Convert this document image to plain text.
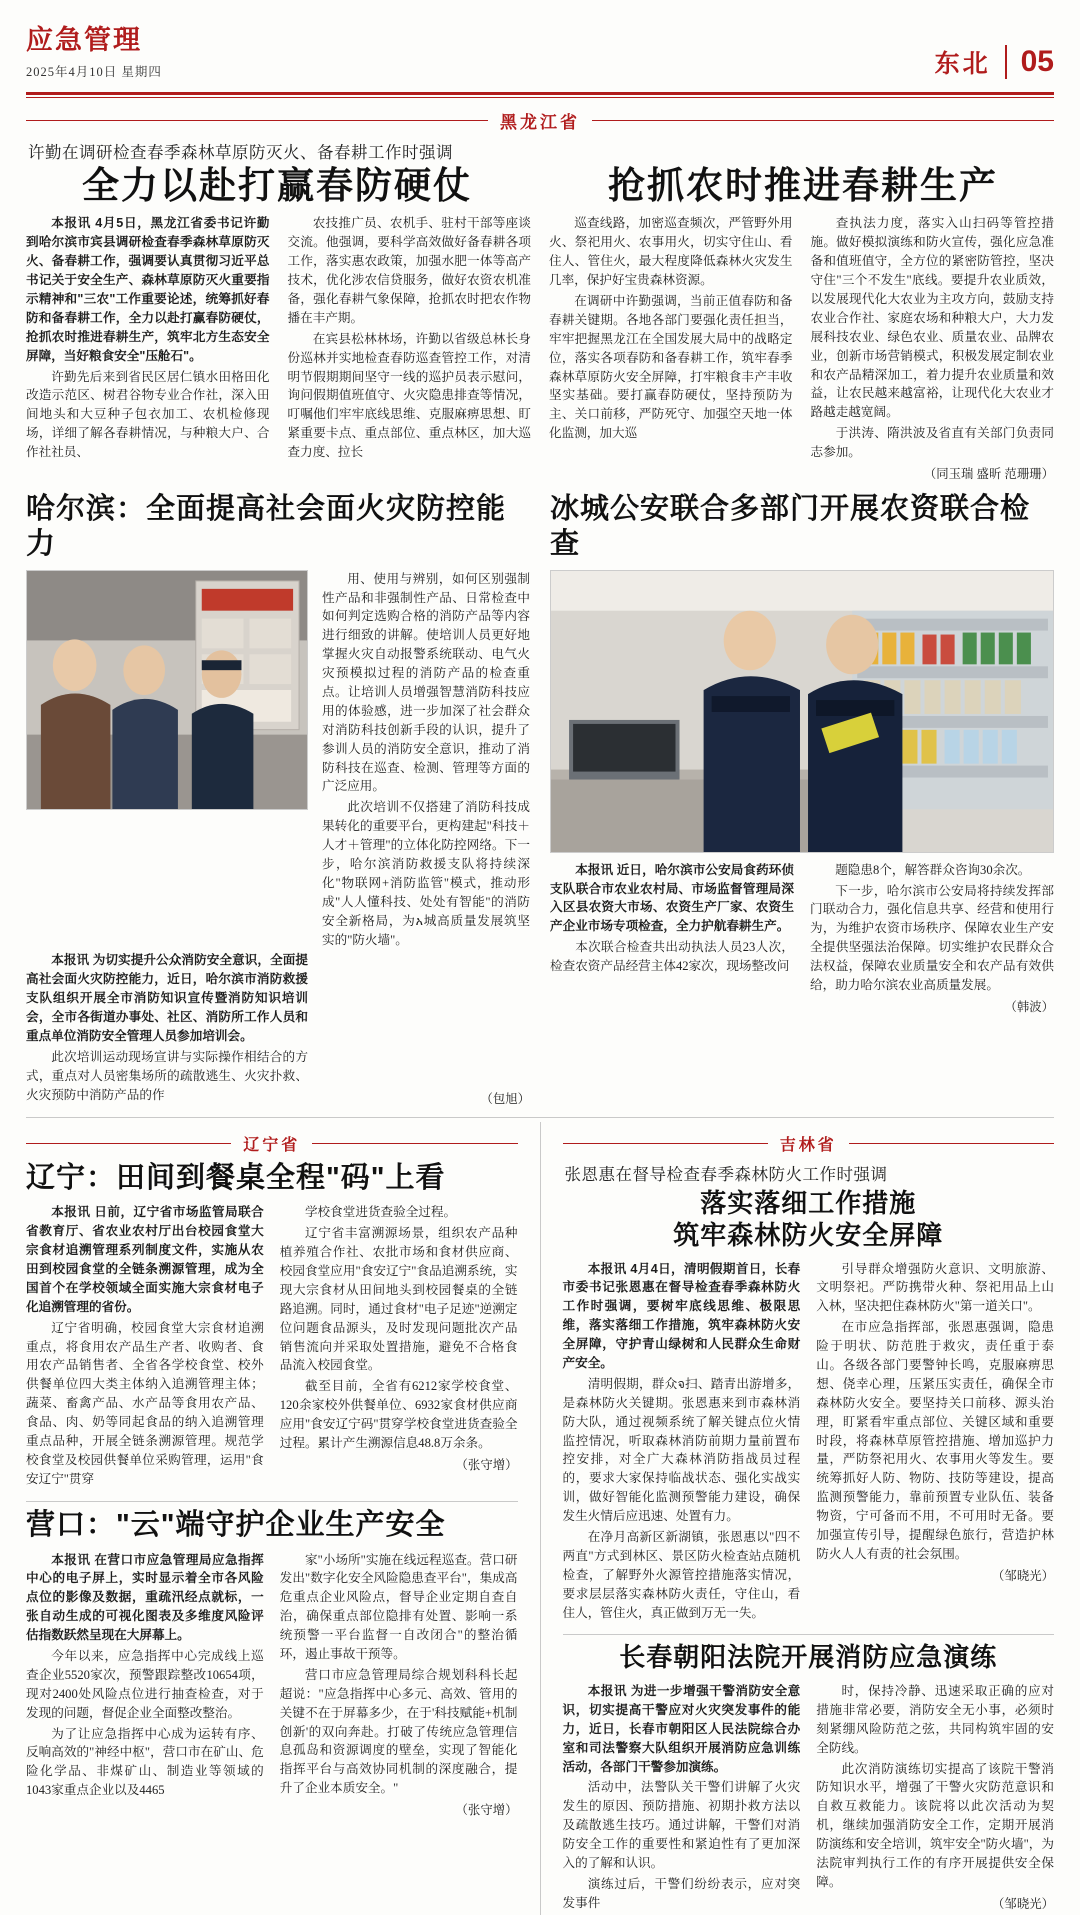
应急管理
2025年4月10日 星期四	东北 05
黑龙江省
许勤在调研检查春季森林草原防灭火、备春耕工作时强调
全力以赴打赢春防硬仗	抢抓农时推进春耕生产

本报讯 4月5日，黑龙江省委书记许勤到哈尔滨市宾县调研检查春季森林草原防灭火、备春耕工作，强调要认真贯彻习近平总书记关于安全生产、森林草原防灭火重要指示精神和"三农"工作重要论述，统筹抓好春防和备春耕工作，全力以赴打赢春防硬仗，抢抓农时推进春耕生产，筑牢北方生态安全屏障，当好粮食安全"压舱石"。

许勤先后来到省民区居仁镇水田格田化改造示范区、树君谷物专业合作社，深入田间地头和大豆种子包衣加工、农机检修现场，详细了解各春耕情况，与种粮大户、合作社社员、

农技推广员、农机手、驻村干部等座谈交流。他强调，要科学高效做好备春耕各项工作，落实惠农政策，加强水肥一体等高产技术，优化涉农信贷服务，做好农资农机准备，强化春耕气象保障，抢抓农时把农作物播在丰产期。

在宾县松林林场，许勤以省级总林长身份巡林并实地检查春防巡查管控工作，对清明节假期期间坚守一线的巡护员表示慰问，询问假期值班值守、火灾隐患排查等情况，叮嘱他们牢牢底线思维、克服麻痹思想、盯紧重要卡点、重点部位、重点林区，加大巡查力度、拉长

巡查线路，加密巡查频次，严管野外用火、祭祀用火、农事用火，切实守住山、看住人、管住火，最大程度降低森林火灾发生几率，保护好宝贵森林资源。

在调研中许勤强调，当前正值春防和备春耕关键期。各地各部门要强化责任担当，牢牢把握黑龙江在全国发展大局中的战略定位，落实各项春防和备春耕工作，筑牢春季森林草原防火安全屏障，打牢粮食丰产丰收坚实基础。要打赢春防硬仗，坚持预防为主、关口前移，严防死守、加强空天地一体化监测，加大巡

查执法力度，落实入山扫码等管控措施。做好模拟演练和防火宣传，强化应急准备和值班值守，全方位的紧密防管控，坚决守住"三个不发生"底线。要提升农业质效，以发展现代化大农业为主攻方向，鼓励支持农业合作社、家庭农场和种粮大户，大力发展科技农业、绿色农业、质量农业、品牌农业，创新市场营销模式，积极发展定制农业和农产品精深加工，着力提升农业质量和效益，让农民越来越富裕，让现代化大农业才路越走越宽阔。

于洪涛、隋洪波及省直有关部门负责同志参加。

（同玉瑞 盛昕 范珊珊）
哈尔滨：全面提高社会面火灾防控能力

用、使用与辨别，如何区别强制性产品和非强制性产品、日常检查中如何判定选购合格的消防产品等内容进行细致的讲解。使培训人员更好地掌握火灾自动报警系统联动、电气火灾预模拟过程的消防产品的检查重点。让培训人员增强智慧消防科技应用的体验感，进一步加深了社会群众对消防科技创新手段的认识，提升了参训人员的消防安全意识，推动了消防科技在巡查、检测、管理等方面的广泛应用。

此次培训不仅搭建了消防科技成果转化的重要平台，更构建起"科技＋人才＋管理"的立体化防控网络。下一步，哈尔滨消防救援支队将持续深化"物联网+消防监管"模式，推动形成"人人懂科技、处处有智能"的消防安全新格局，为አ城高质量发展筑坚实的"防火墙"。

本报讯 为切实提升公众消防安全意识，全面提高社会面火灾防控能力，近日，哈尔滨市消防救援支队组织开展全市消防知识宣传暨消防知识培训会，全市各街道办事处、社区、消防所工作人员和重点单位消防安全管理人员参加培训会。

此次培训运动现场宣讲与实际操作相结合的方式，重点对人员密集场所的疏散逃生、火灾扑救、火灾预防中消防产品的作	（包旭）
冰城公安联合多部门开展农资联合检查

本报讯 近日，哈尔滨市公安局食药环侦支队联合市农业农村局、市场监督管理局深入区县农资大市场、农资生产厂家、农资生产企业市场专项检查，全力护航春耕生产。

本次联合检查共出动执法人员23人次，检查农资产品经营主体42家次，现场整改问

题隐患8个，解答群众咨询30余次。

下一步，哈尔滨市公安局将持续发挥部门联动合力，强化信息共享、经营和使用行为，为维护农资市场秩序、保障农业生产安全提供坚强法治保障。切实维护农民群众合法权益，保障农业质量安全和农产品有效供给，助力哈尔滨农业高质量发展。

（韩波）
辽宁省
辽宁：田间到餐桌全程"码"上看

本报讯 日前，辽宁省市场监管局联合省教育厅、省农业农村厅出台校园食堂大宗食材追溯管理系列制度文件，实施从农田到校园食堂的全链条溯源管理，成为全国首个在学校领域全面实施大宗食材电子化追溯管理的省份。

辽宁省明确，校园食堂大宗食材追溯重点，将食用农产品生产者、收购者、食用农产品销售者、全省各学校食堂、校外供餐单位四大类主体纳入追溯管理主体；蔬菜、畜禽产品、水产品等食用农产品、食品、肉、奶等同起食品的纳入追溯管理重点品种，开展全链条溯源管理。规范学校食堂及校园供餐单位采购管理，运用"食安辽宁"贯穿

学校食堂进货查验全过程。

辽宁省丰富溯源场景，组织农产品种植养殖合作社、农批市场和食材供应商、校园食堂应用"食安辽宁"食品追溯系统，实现大宗食材从田间地头到校园餐桌的全链路追溯。同时，通过食材"电子足迹"逆溯定位问题食品源头，及时发现问题批次产品销售流向并采取处置措施，避免不合格食品流入校园食堂。

截至目前，全省有6212家学校食堂、120余家校外供餐单位、6932家食材供应商应用"食安辽宁码"贯穿学校食堂进货查验全过程。累计产生溯源信息48.8万余条。

（张守增）
营口："云"端守护企业生产安全

本报讯 在营口市应急管理局应急指挥中心的电子屏上，实时显示着全市各风险点位的影像及数据，重疏汛经点就标，一张自动生成的可视化图表及多维度风险评估指数跃然呈现在大屏幕上。

今年以来，应急指挥中心完成线上巡查企业5520家次，预警跟踪整改10654项，现对2400处风险点位进行抽查检查，对于发现的问题，督促企业全面整改整治。

为了让应急指挥中心成为运转有序、反响高效的"神经中枢"，营口市在矿山、危险化学品、非煤矿山、制造业等领域的1043家重点企业以及4465

家"小场所"实施在线远程巡查。营口研发出"数字化安全风险隐患查平台"，集成高危重点企业风险点，督导企业定期自查自治，确保重点部位隐排有处置、影响一系统预警一平台监督一自改闭合"的整治循环，遏止事故干预等。

营口市应急管理局综合规划科科长起超说："应急指挥中心多元、高效、管用的关键不在于屏幕多少，在于'科技赋能+机制创新'的双向奔赴。打破了传统应急管理信息孤岛和资源调度的壁垒，实现了智能化指挥平台与高效协同机制的深度融合，提升了企业本质安全。"

（张守增）
吉林省
张恩惠在督导检查春季森林防火工作时强调
落实落细工作措施
筑牢森林防火安全屏障

本报讯 4月4日，清明假期首日，长春市委书记张恩惠在督导检查春季森林防火工作时强调，要树牢底线思维、极限思维，落实落细工作措施，筑牢森林防火安全屏障，守护青山绿树和人民群众生命财产安全。

清明假期，群众จ扫、踏青出游增多，是森林防火关键期。张恩惠来到市森林消防大队，通过视频系统了解关键点位火情监控情况，听取森林消防前期力量前置布控安排，对全广大森林消防指战员过程的，要求大家保持临战状态、强化实战实训，做好智能化监测预警能力建设，确保发生火情后应迅速、处置有力。

在净月高新区新湖镇，张恩惠以"四不两直"方式到林区、景区防火检查站点随机检查，了解野外火源管控措施落实情况，要求层层落实森林防火责任，守住山，看住人，管住火，真正做到万无一失。

引导群众增强防火意识、文明旅游、文明祭祀。严防携带火种、祭祀用品上山入林，坚决把住森林防火"第一道关口"。

在市应急指挥部，张恩惠强调，隐患险于明状、防范胜于救灾，责任重于泰山。各级各部门要警钟长鸣，克服麻痹思想、侥幸心理，压紧压实责任，确保全市森林防火安全。要坚持关口前移、源头治理，盯紧看牢重点部位、关键区域和重要时段，将森林草原管控措施、增加巡护力量，严防祭祀用火、农事用火等发生。要统筹抓好人防、物防、技防等建设，提高监测预警能力，靠前预置专业队伍、装备物资，宁可备而不用，不可用时无备。要加强宣传引导，提醒绿色旅行，营造护林防火人人有责的社会氛围。

（邹晓光）
长春朝阳法院开展消防应急演练

本报讯 为进一步增强干警消防安全意识，切实提高干警应对火灾突发事件的能力，近日，长春市朝阳区人民法院综合办室和司法警察大队组织开展消防应急训练活动，各部门干警参加演练。

活动中，法警队关干警们讲解了火灾发生的原因、预防措施、初期扑救方法以及疏散逃生技巧。通过讲解，干警们对消防安全工作的重要性和紧迫性有了更加深入的了解和认识。

演练过后，干警们纷纷表示，应对突发事件

时，保持冷静、迅速采取正确的应对措施非常必要，消防安全无小事，必须时刻紧绷风险防范之弦，共同构筑牢固的安全防线。

此次消防演练切实提高了该院干警消防知识水平，增强了干警火灾防范意识和自救互救能力。该院将以此次活动为契机，继续加强消防安全工作，定期开展消防演练和安全培训，筑牢安全"防火墙"，为法院审判执行工作的有序开展提供安全保障。

（邹晓光）
